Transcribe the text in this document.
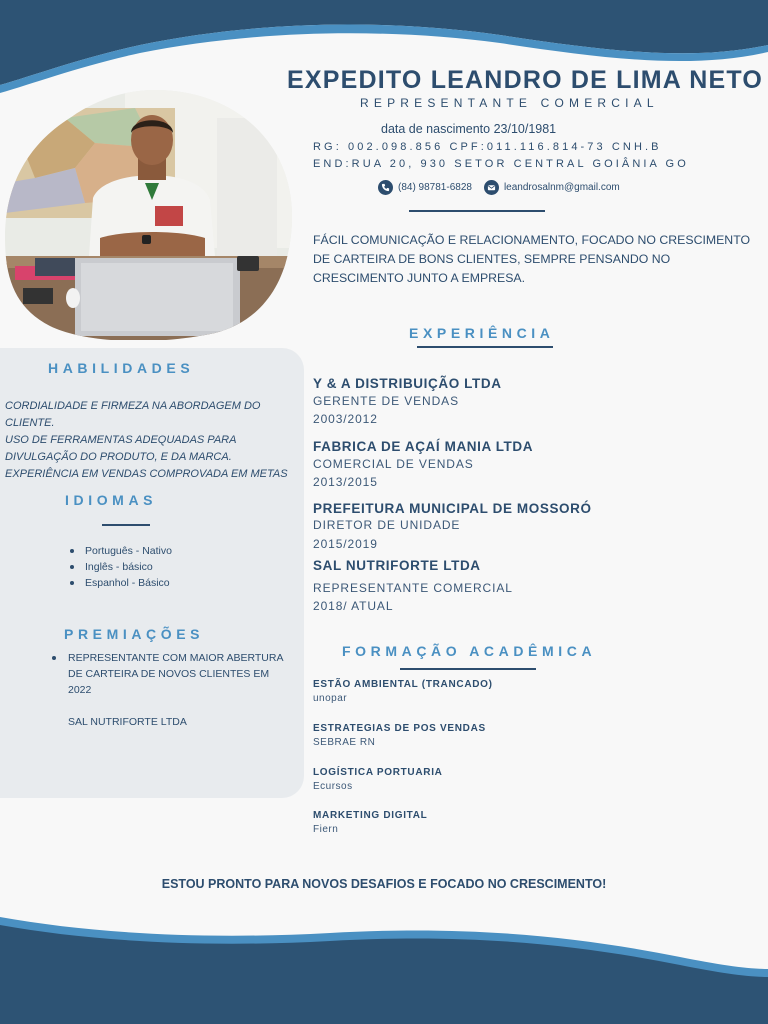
EXPEDITO LEANDRO DE LIMA NETO
REPRESENTANTE COMERCIAL
data de nascimento 23/10/1981
RG: 002.098.856 CPF:011.116.814-73 CNH.B
END:RUA 20, 930 SETOR CENTRAL GOIÂNIA GO
(84) 98781-6828	leandrosalnm@gmail.com
FÁCIL COMUNICAÇÃO E RELACIONAMENTO, FOCADO NO CRESCIMENTO DE CARTEIRA DE BONS CLIENTES, SEMPRE PENSANDO NO CRESCIMENTO JUNTO A EMPRESA.
EXPERIÊNCIA
Y & A DISTRIBUIÇÃO LTDA
GERENTE DE VENDAS
2003/2012
FABRICA DE AÇAÍ MANIA LTDA
COMERCIAL DE VENDAS
2013/2015
PREFEITURA MUNICIPAL DE MOSSORÓ
DIRETOR DE UNIDADE
2015/2019
SAL NUTRIFORTE LTDA
REPRESENTANTE COMERCIAL
2018/ ATUAL
FORMAÇÃO ACADÊMICA
ESTÃO AMBIENTAL (TRANCADO)
unopar
ESTRATEGIAS DE POS VENDAS
SEBRAE RN
LOGÍSTICA PORTUARIA
Ecursos
MARKETING DIGITAL
Fiern
HABILIDADES
CORDIALIDADE E FIRMEZA NA ABORDAGEM DO CLIENTE.
USO DE FERRAMENTAS ADEQUADAS PARA
DIVULGAÇÃO DO PRODUTO, E DA MARCA.
EXPERIÊNCIA EM VENDAS COMPROVADA EM METAS
IDIOMAS
Português - Nativo
Inglês - básico
Espanhol - Básico
PREMIAÇÕES
REPRESENTANTE COM MAIOR ABERTURA
DE CARTEIRA DE NOVOS CLIENTES EM 2022
SAL NUTRIFORTE LTDA
ESTOU PRONTO PARA NOVOS DESAFIOS E FOCADO NO CRESCIMENTO!
